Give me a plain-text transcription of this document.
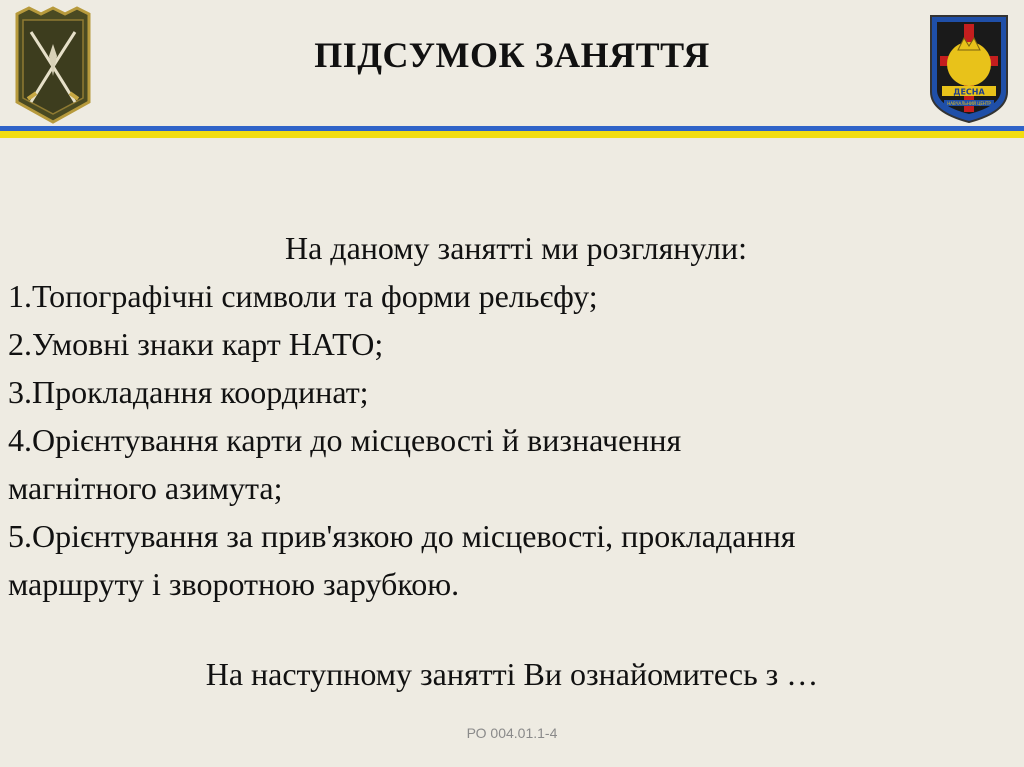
ДЕСНА
НАВЧАЛЬНИЙ ЦЕНТР
ПІДСУМОК ЗАНЯТТЯ
На даному занятті ми розглянули:
1.Топографічні символи та форми рельєфу;
2.Умовні знаки карт НАТО;
3.Прокладання координат;
4.Орієнтування карти до місцевості й визначення
магнітного азимута;
5.Орієнтування за прив'язкою до місцевості, прокладання
маршруту і зворотною зарубкою.
На наступному занятті Ви ознайомитесь з …
РО 004.01.1-4
